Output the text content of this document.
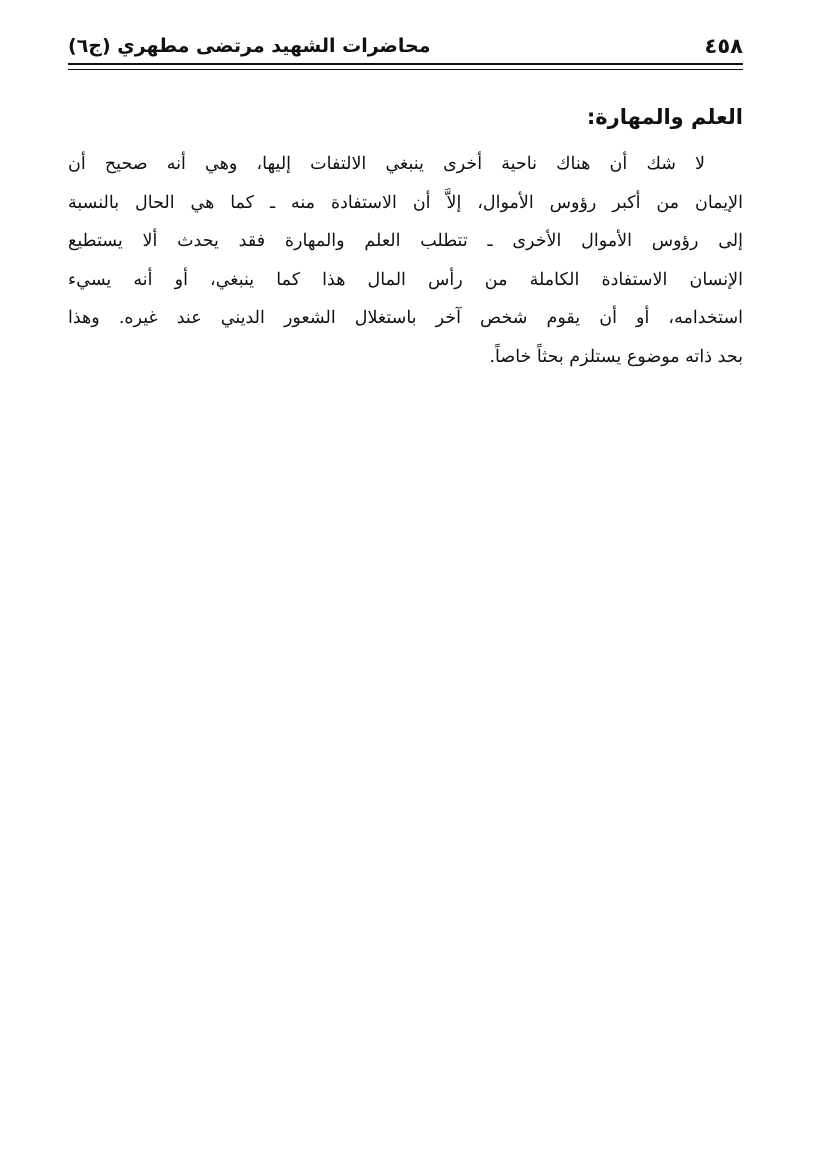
٤٥٨
محاضرات الشهيد مرتضى مطهري (ج٦)
العلم والمهارة:
لا شك أن هناك ناحية أخرى ينبغي الالتفات إليها، وهي أنه صحيح أن
الإيمان من أكبر رؤوس الأموال، إلاَّ أن الاستفادة منه ـ كما هي الحال بالنسبة
إلى رؤوس الأموال الأخرى ـ تتطلب العلم والمهارة فقد يحدث ألا يستطيع
الإنسان الاستفادة الكاملة من رأس المال هذا كما ينبغي، أو أنه يسيء
استخدامه، أو أن يقوم شخص آخر باستغلال الشعور الديني عند غيره. وهذا
بحد ذاته موضوع يستلزم بحثاً خاصاً.
